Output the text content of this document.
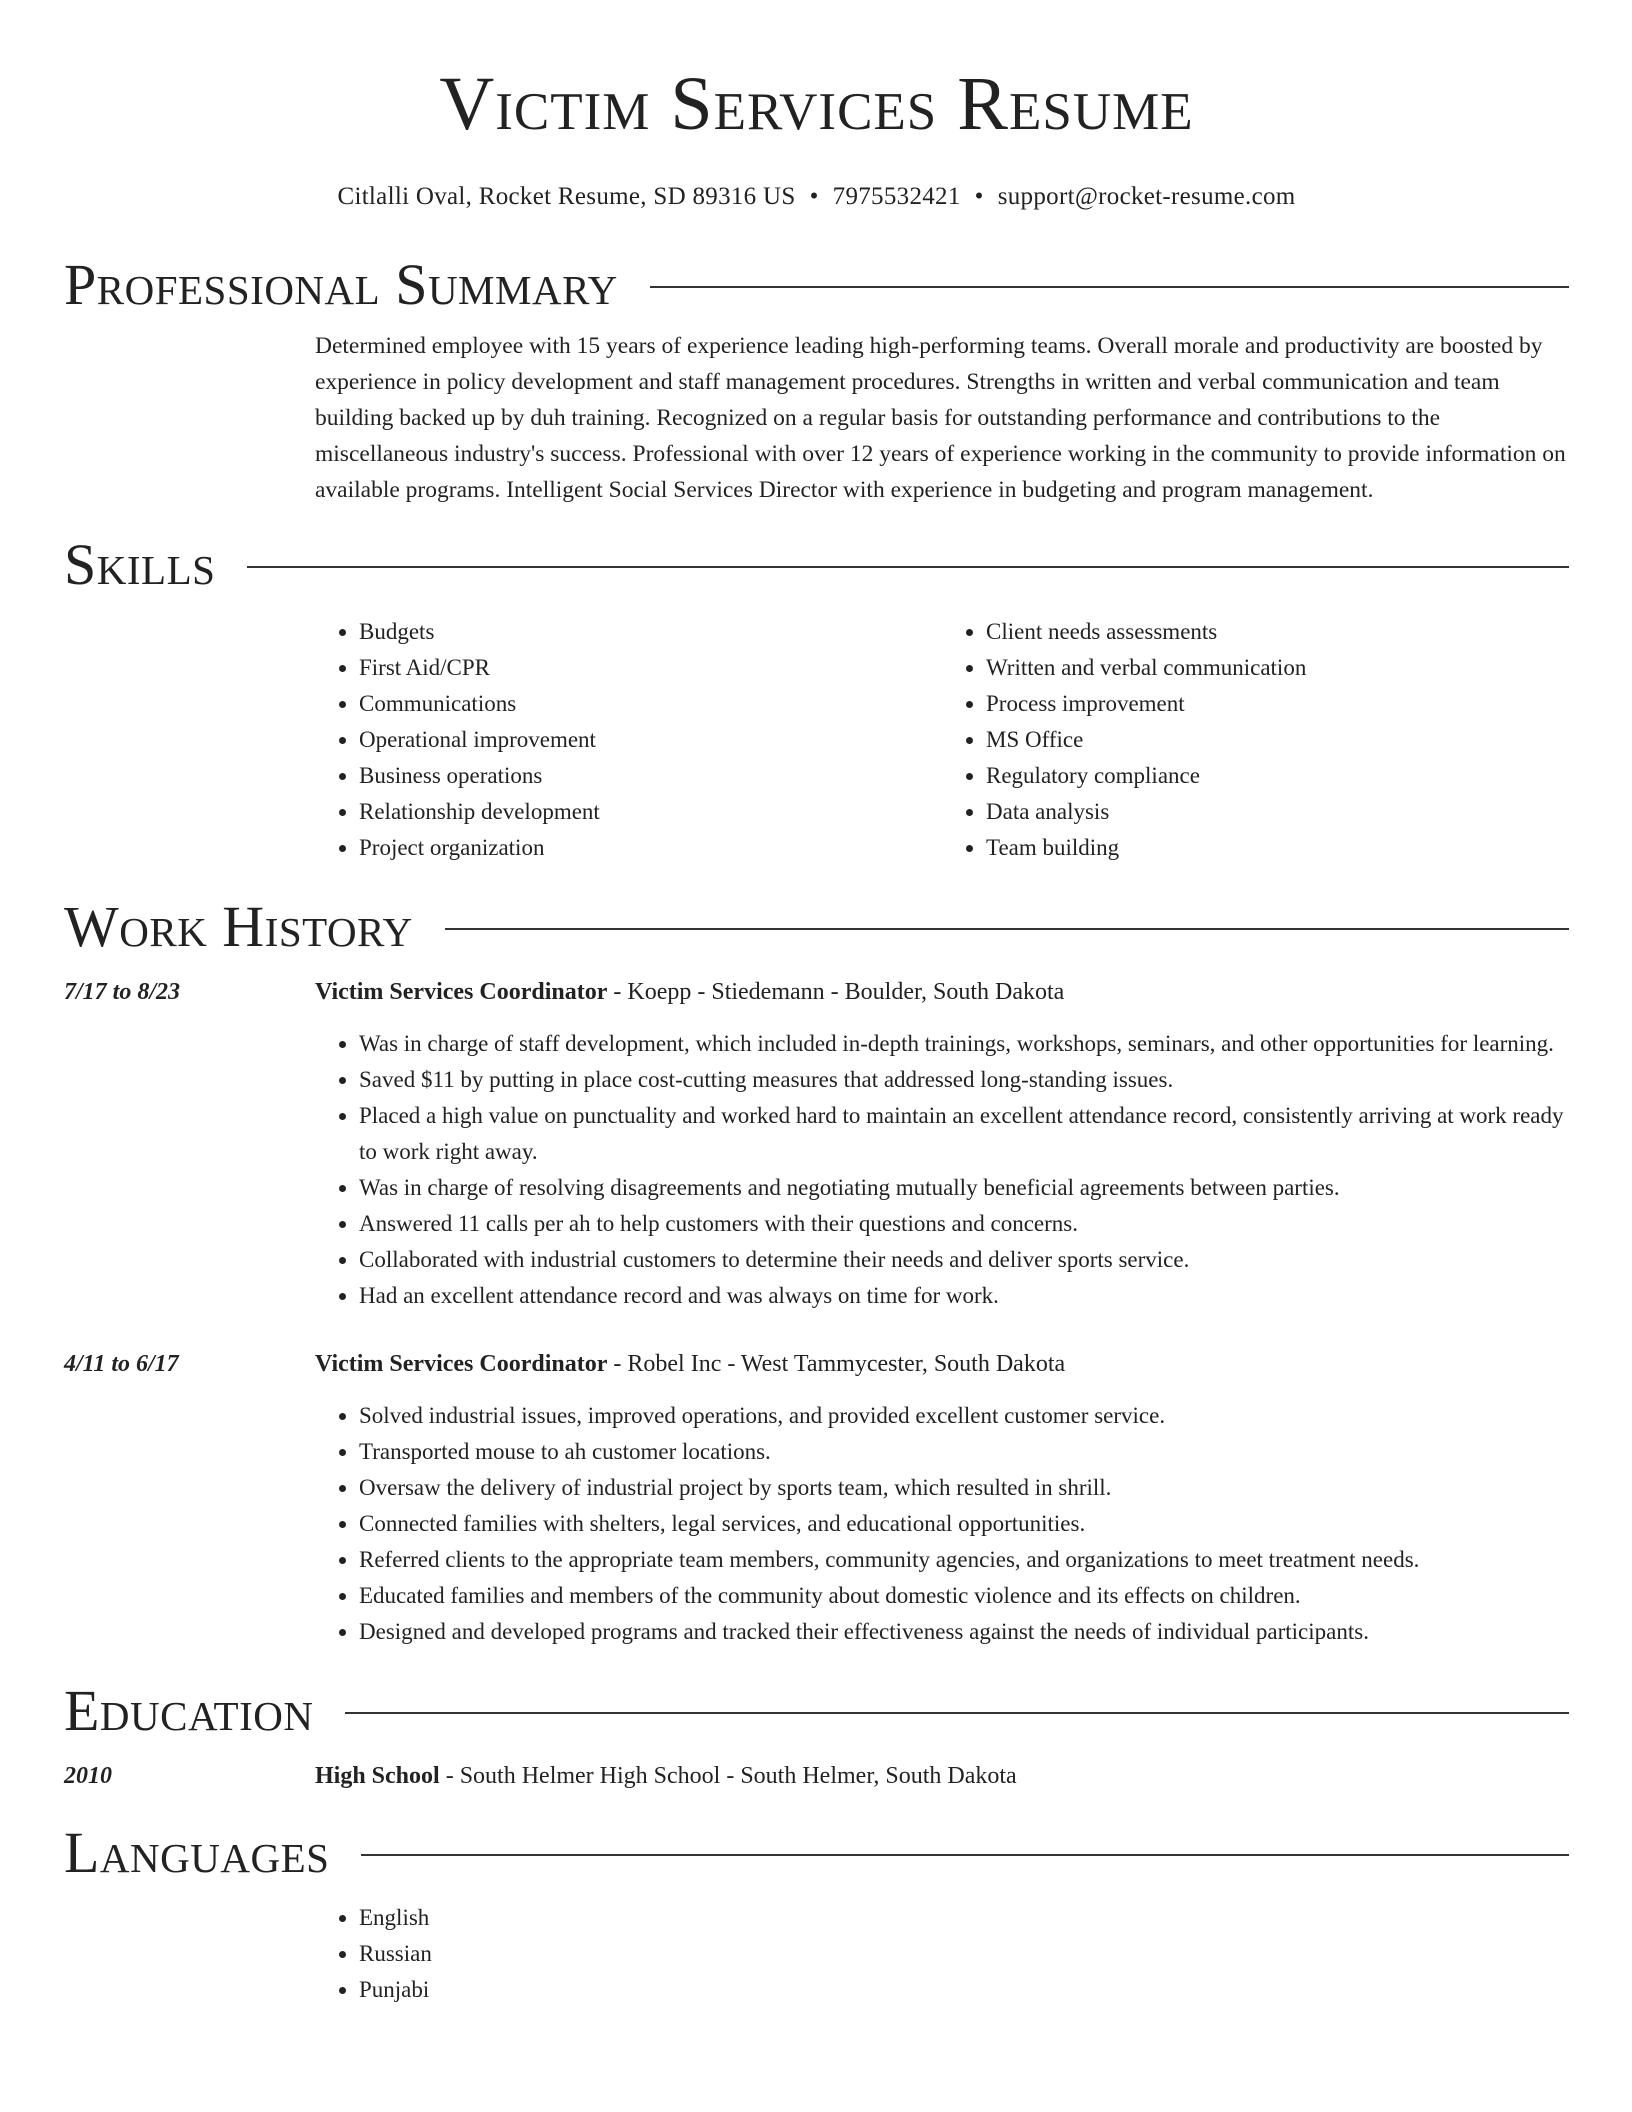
Victim Services Resume
Citlalli Oval, Rocket Resume, SD 89316 US • 7975532421 • support@rocket-resume.com
Professional Summary
Determined employee with 15 years of experience leading high-performing teams. Overall morale and productivity are boosted by experience in policy development and staff management procedures. Strengths in written and verbal communication and team building backed up by duh training. Recognized on a regular basis for outstanding performance and contributions to the miscellaneous industry's success. Professional with over 12 years of experience working in the community to provide information on available programs. Intelligent Social Services Director with experience in budgeting and program management.
Skills
• Budgets
• First Aid/CPR
• Communications
• Operational improvement
• Business operations
• Relationship development
• Project organization
• Client needs assessments
• Written and verbal communication
• Process improvement
• MS Office
• Regulatory compliance
• Data analysis
• Team building
Work History
7/17 to 8/23	Victim Services Coordinator - Koepp - Stiedemann - Boulder, South Dakota
• Was in charge of staff development, which included in-depth trainings, workshops, seminars, and other opportunities for learning.
• Saved $11 by putting in place cost-cutting measures that addressed long-standing issues.
• Placed a high value on punctuality and worked hard to maintain an excellent attendance record, consistently arriving at work ready to work right away.
• Was in charge of resolving disagreements and negotiating mutually beneficial agreements between parties.
• Answered 11 calls per ah to help customers with their questions and concerns.
• Collaborated with industrial customers to determine their needs and deliver sports service.
• Had an excellent attendance record and was always on time for work.
4/11 to 6/17	Victim Services Coordinator - Robel Inc - West Tammycester, South Dakota
• Solved industrial issues, improved operations, and provided excellent customer service.
• Transported mouse to ah customer locations.
• Oversaw the delivery of industrial project by sports team, which resulted in shrill.
• Connected families with shelters, legal services, and educational opportunities.
• Referred clients to the appropriate team members, community agencies, and organizations to meet treatment needs.
• Educated families and members of the community about domestic violence and its effects on children.
• Designed and developed programs and tracked their effectiveness against the needs of individual participants.
Education
2010	High School - South Helmer High School - South Helmer, South Dakota
Languages
• English
• Russian
• Punjabi
